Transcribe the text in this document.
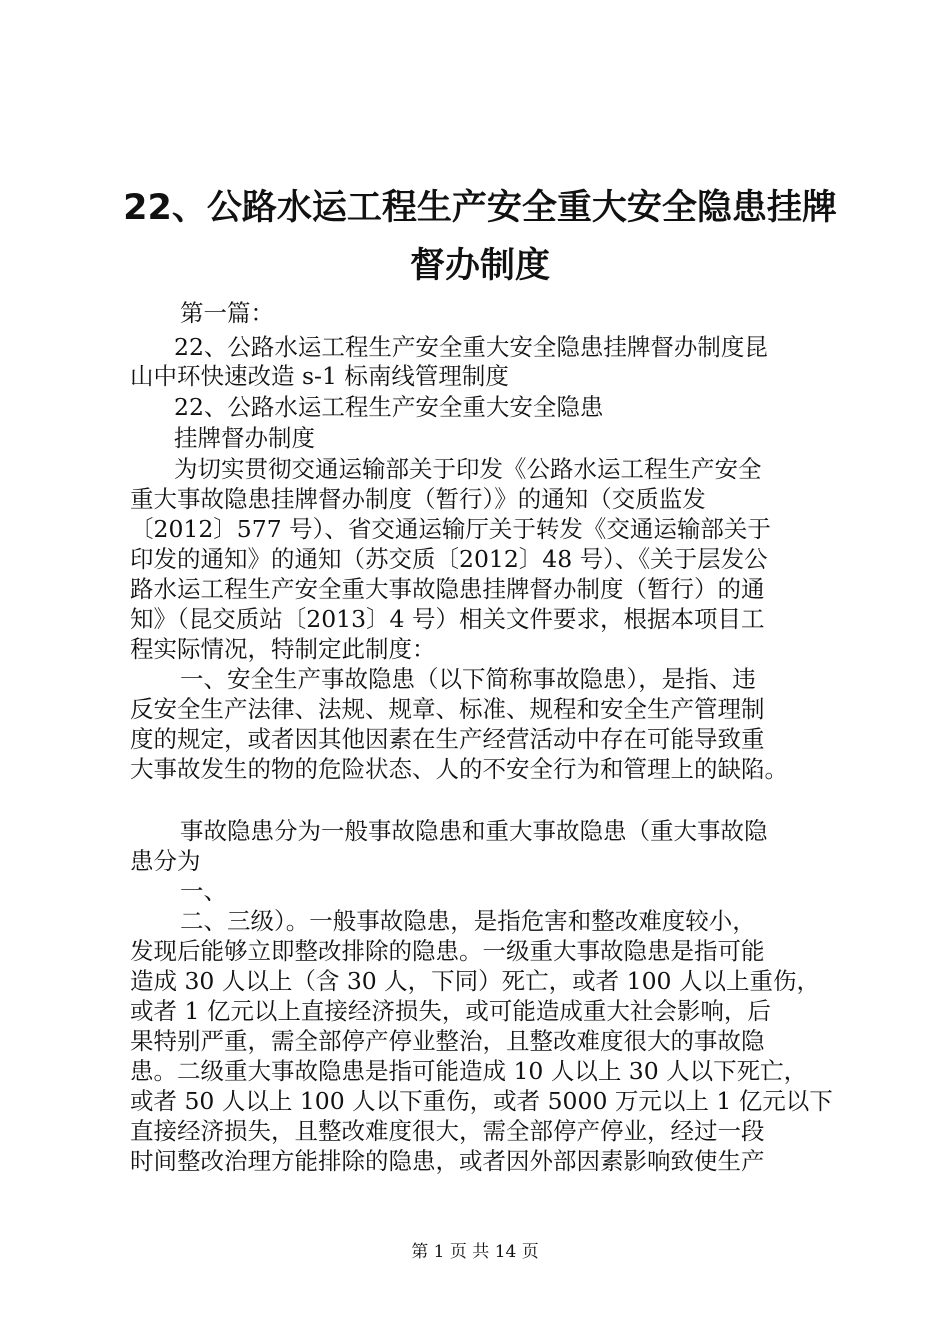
22、公路水运工程生产安全重大安全隐患挂牌
督办制度

第一篇：

22、公路水运工程生产安全重大安全隐患挂牌督办制度昆

山中环快速改造 s-1 标南线管理制度

22、公路水运工程生产安全重大安全隐患

挂牌督办制度

为切实贯彻交通运输部关于印发《公路水运工程生产安全

重大事故隐患挂牌督办制度（暂行）》的通知（交质监发

〔2012〕577 号）、省交通运输厅关于转发《交通运输部关于

印发的通知》的通知（苏交质〔2012〕48 号）、《关于层发公

路水运工程生产安全重大事故隐患挂牌督办制度（暂行）的通

知》（昆交质站〔2013〕4 号）相关文件要求，根据本项目工

程实际情况，特制定此制度：

一、安全生产事故隐患（以下简称事故隐患），是指、违

反安全生产法律、法规、规章、标准、规程和安全生产管理制

度的规定，或者因其他因素在生产经营活动中存在可能导致重

大事故发生的物的危险状态、人的不安全行为和管理上的缺陷。

事故隐患分为一般事故隐患和重大事故隐患（重大事故隐

患分为

一、

二、三级）。一般事故隐患，是指危害和整改难度较小，

发现后能够立即整改排除的隐患。一级重大事故隐患是指可能

造成 30 人以上（含 30 人，下同）死亡，或者 100 人以上重伤，

或者 1 亿元以上直接经济损失，或可能造成重大社会影响，后

果特别严重，需全部停产停业整治，且整改难度很大的事故隐

患。二级重大事故隐患是指可能造成 10 人以上 30 人以下死亡，

或者 50 人以上 100 人以下重伤，或者 5000 万元以上 1 亿元以下

直接经济损失，且整改难度很大，需全部停产停业，经过一段

时间整改治理方能排除的隐患，或者因外部因素影响致使生产

第 1 页 共 14 页
